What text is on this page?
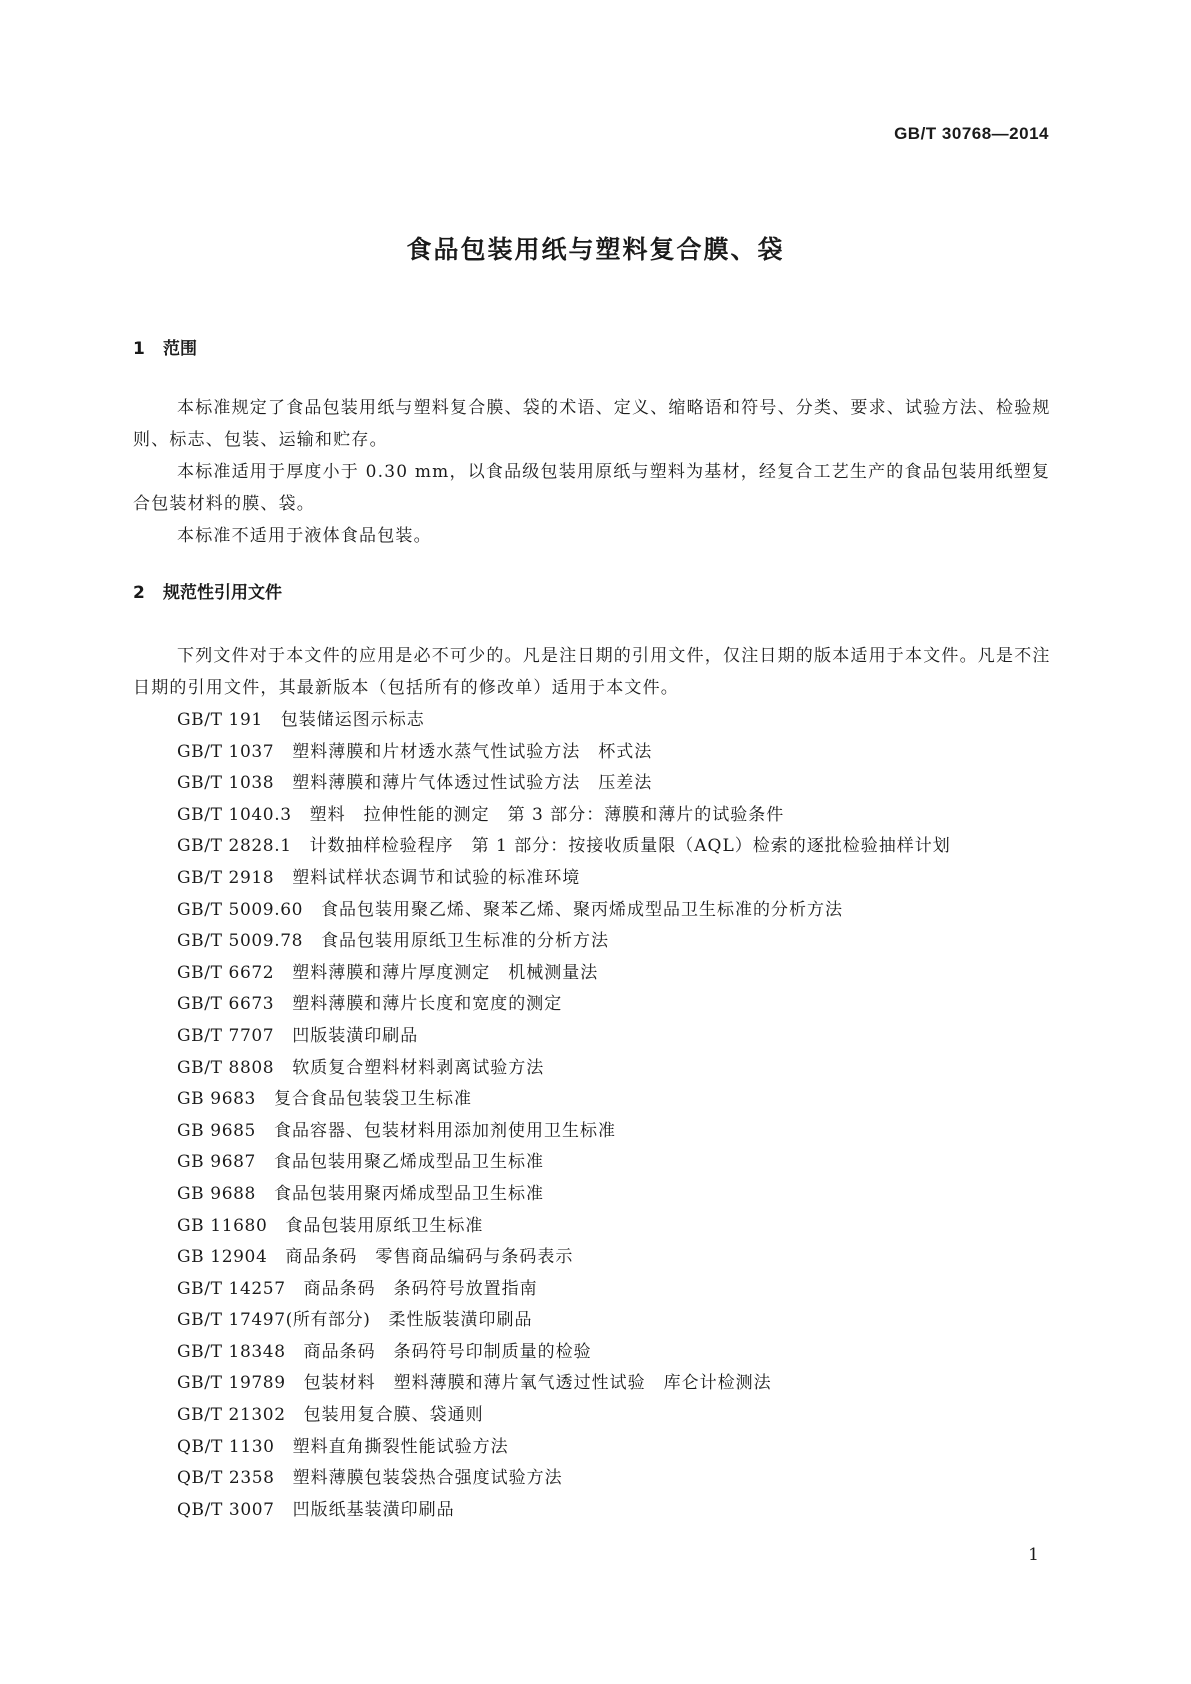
GB/T 30768—2014
食品包装用纸与塑料复合膜、袋
1 范围
本标准规定了食品包装用纸与塑料复合膜、袋的术语、定义、缩略语和符号、分类、要求、试验方法、检验规则、标志、包装、运输和贮存。
本标准适用于厚度小于 0.30 mm，以食品级包装用原纸与塑料为基材，经复合工艺生产的食品包装用纸塑复合包装材料的膜、袋。
本标准不适用于液体食品包装。
2 规范性引用文件
下列文件对于本文件的应用是必不可少的。凡是注日期的引用文件，仅注日期的版本适用于本文件。凡是不注日期的引用文件，其最新版本（包括所有的修改单）适用于本文件。
GB/T 191 包装储运图示标志
GB/T 1037 塑料薄膜和片材透水蒸气性试验方法　杯式法
GB/T 1038 塑料薄膜和薄片气体透过性试验方法　压差法
GB/T 1040.3 塑料　拉伸性能的测定　第 3 部分：薄膜和薄片的试验条件
GB/T 2828.1 计数抽样检验程序　第 1 部分：按接收质量限（AQL）检索的逐批检验抽样计划
GB/T 2918 塑料试样状态调节和试验的标准环境
GB/T 5009.60 食品包装用聚乙烯、聚苯乙烯、聚丙烯成型品卫生标准的分析方法
GB/T 5009.78 食品包装用原纸卫生标准的分析方法
GB/T 6672 塑料薄膜和薄片厚度测定　机械测量法
GB/T 6673 塑料薄膜和薄片长度和宽度的测定
GB/T 7707 凹版装潢印刷品
GB/T 8808 软质复合塑料材料剥离试验方法
GB 9683 复合食品包装袋卫生标准
GB 9685 食品容器、包装材料用添加剂使用卫生标准
GB 9687 食品包装用聚乙烯成型品卫生标准
GB 9688 食品包装用聚丙烯成型品卫生标准
GB 11680 食品包装用原纸卫生标准
GB 12904 商品条码　零售商品编码与条码表示
GB/T 14257 商品条码　条码符号放置指南
GB/T 17497(所有部分) 柔性版装潢印刷品
GB/T 18348 商品条码　条码符号印制质量的检验
GB/T 19789 包装材料　塑料薄膜和薄片氧气透过性试验　库仑计检测法
GB/T 21302 包装用复合膜、袋通则
QB/T 1130 塑料直角撕裂性能试验方法
QB/T 2358 塑料薄膜包装袋热合强度试验方法
QB/T 3007 凹版纸基装潢印刷品
1
